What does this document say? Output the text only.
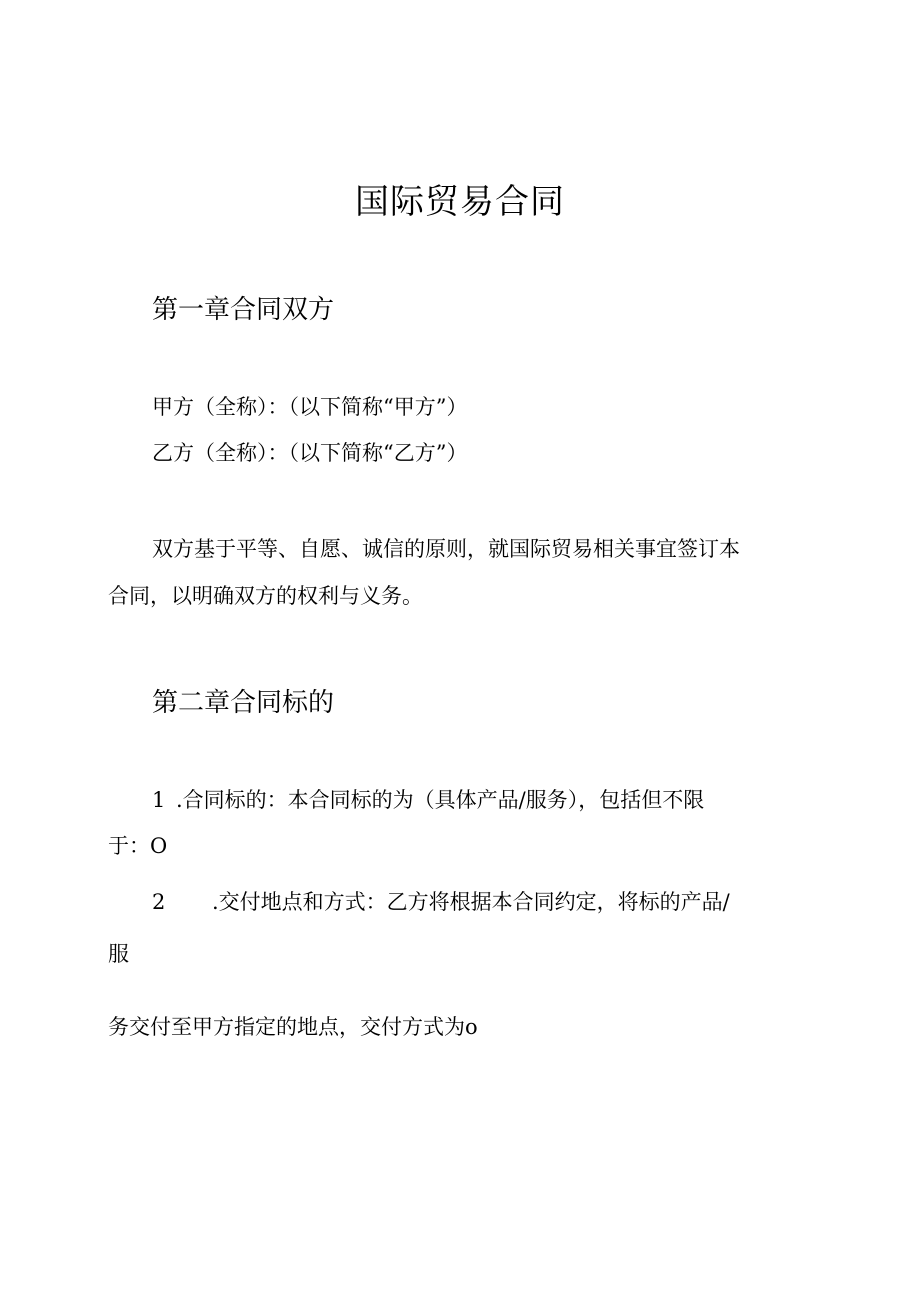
国际贸易合同
第一章合同双方

甲方（全称）：（以下简称“甲方”）

乙方（全称）：（以下简称“乙方”）

双方基于平等、自愿、诚信的原则，就国际贸易相关事宜签订本

合同，以明确双方的权利与义务。

第二章合同标的

1 .合同标的：本合同标的为（具体产品/服务），包括但不限

于：O

2 .交付地点和方式：乙方将根据本合同约定，将标的产品/

服

务交付至甲方指定的地点，交付方式为o
